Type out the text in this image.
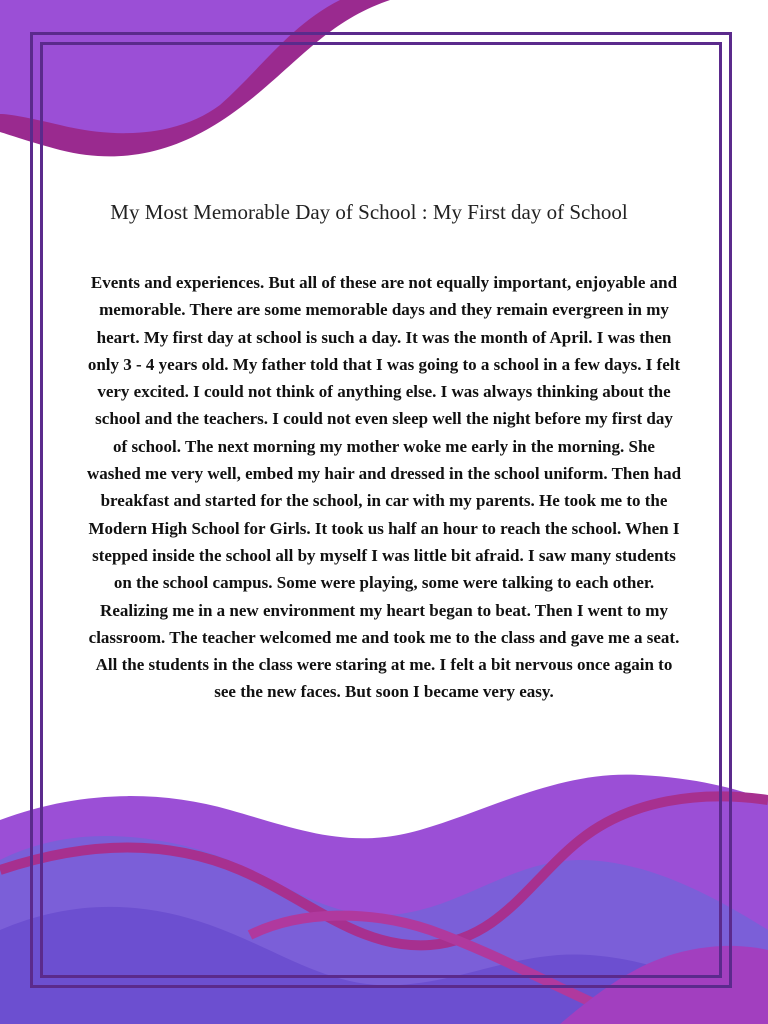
My Most Memorable Day of School : My First day of School

Events and experiences. But all of these are not equally important, enjoyable and memorable. There are some memorable days and they remain evergreen in my heart. My first day at school is such a day. It was the month of April. I was then only 3 - 4 years old. My father told that I was going to a school in a few days. I felt very excited. I could not think of anything else. I was always thinking about the school and the teachers. I could not even sleep well the night before my first day of school. The next morning my mother woke me early in the morning. She washed me very well, embed my hair and dressed in the school uniform. Then had breakfast and started for the school, in car with my parents. He took me to the Modern High School for Girls. It took us half an hour to reach the school. When I stepped inside the school all by myself I was little bit afraid. I saw many students on the school campus. Some were playing, some were talking to each other. Realizing me in a new environment my heart began to beat. Then I went to my classroom. The teacher welcomed me and took me to the class and gave me a seat. All the students in the class were staring at me. I felt a bit nervous once again to see the new faces. But soon I became very easy.
